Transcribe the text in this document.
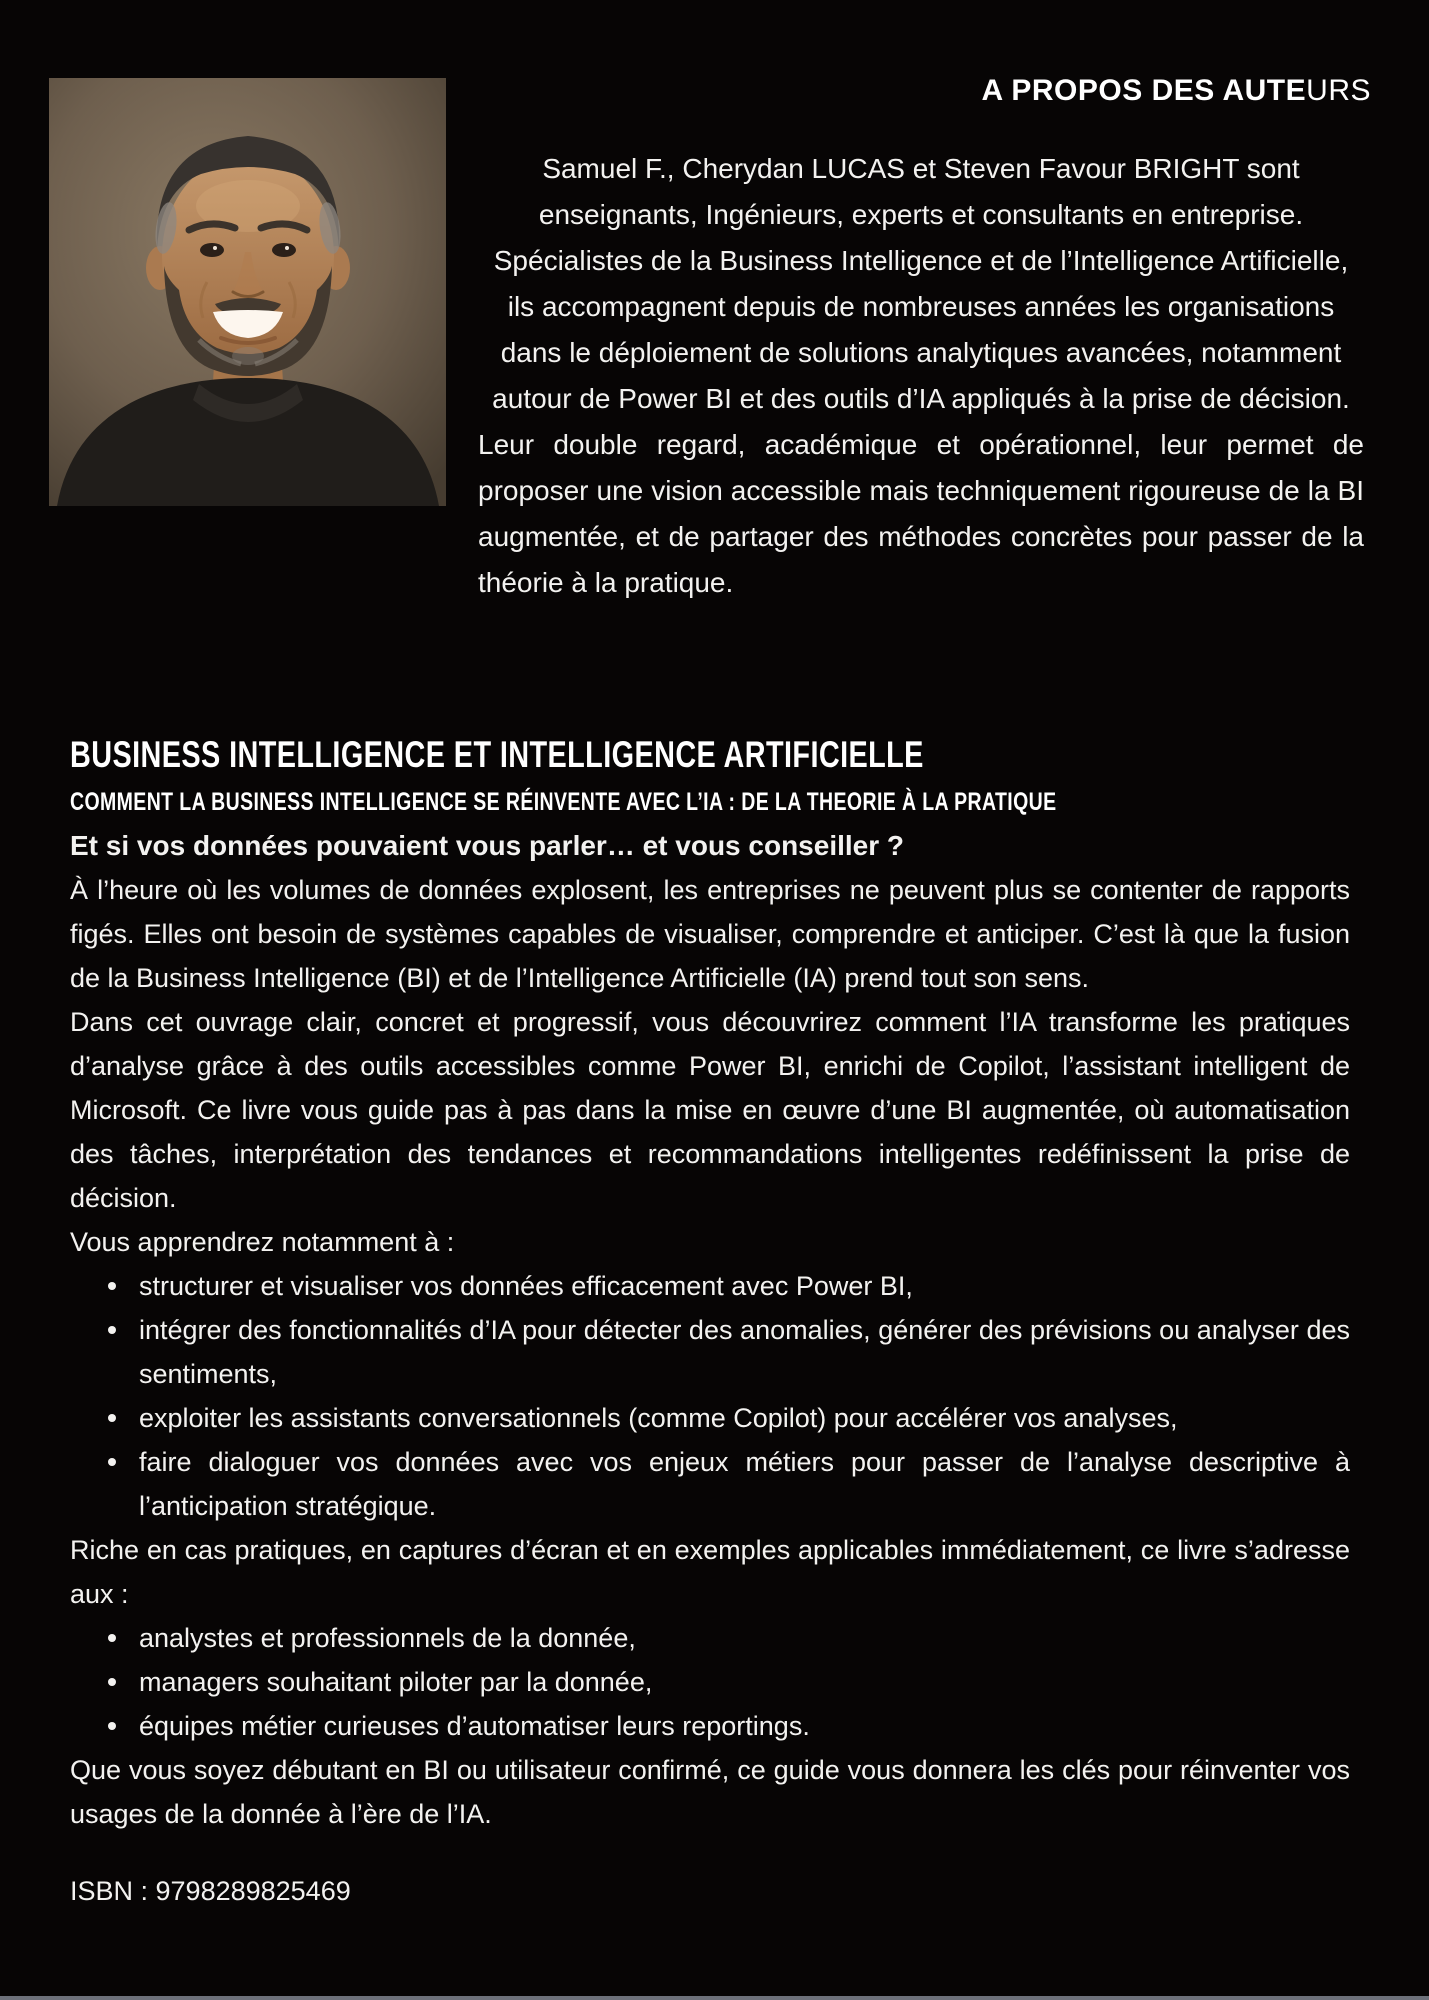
A PROPOS DES AUTEURS

Samuel F., Cherydan LUCAS et Steven Favour BRIGHT sont enseignants, Ingénieurs, experts et consultants en entreprise. Spécialistes de la Business Intelligence et de l’Intelligence Artificielle, ils accompagnent depuis de nombreuses années les organisations dans le déploiement de solutions analytiques avancées, notamment autour de Power BI et des outils d’IA appliqués à la prise de décision.

Leur double regard, académique et opérationnel, leur permet de proposer une vision accessible mais techniquement rigoureuse de la BI augmentée, et de partager des méthodes concrètes pour passer de la théorie à la pratique.

BUSINESS INTELLIGENCE ET INTELLIGENCE ARTIFICIELLE
COMMENT LA BUSINESS INTELLIGENCE SE RÉINVENTE AVEC L’IA : DE LA THEORIE À LA PRATIQUE
Et si vos données pouvaient vous parler… et vous conseiller ?

À l’heure où les volumes de données explosent, les entreprises ne peuvent plus se contenter de rapports figés. Elles ont besoin de systèmes capables de visualiser, comprendre et anticiper. C’est là que la fusion de la Business Intelligence (BI) et de l’Intelligence Artificielle (IA) prend tout son sens.

Dans cet ouvrage clair, concret et progressif, vous découvrirez comment l’IA transforme les pratiques d’analyse grâce à des outils accessibles comme Power BI, enrichi de Copilot, l’assistant intelligent de Microsoft. Ce livre vous guide pas à pas dans la mise en œuvre d’une BI augmentée, où automatisation des tâches, interprétation des tendances et recommandations intelligentes redéfinissent la prise de décision.

Vous apprendrez notamment à :

structurer et visualiser vos données efficacement avec Power BI,
intégrer des fonctionnalités d’IA pour détecter des anomalies, générer des prévisions ou analyser des sentiments,
exploiter les assistants conversationnels (comme Copilot) pour accélérer vos analyses,
faire dialoguer vos données avec vos enjeux métiers pour passer de l’analyse descriptive à l’anticipation stratégique.

Riche en cas pratiques, en captures d’écran et en exemples applicables immédiatement, ce livre s’adresse aux :

analystes et professionnels de la donnée,
managers souhaitant piloter par la donnée,
équipes métier curieuses d’automatiser leurs reportings.

Que vous soyez débutant en BI ou utilisateur confirmé, ce guide vous donnera les clés pour réinventer vos usages de la donnée à l’ère de l’IA.

ISBN : 9798289825469
